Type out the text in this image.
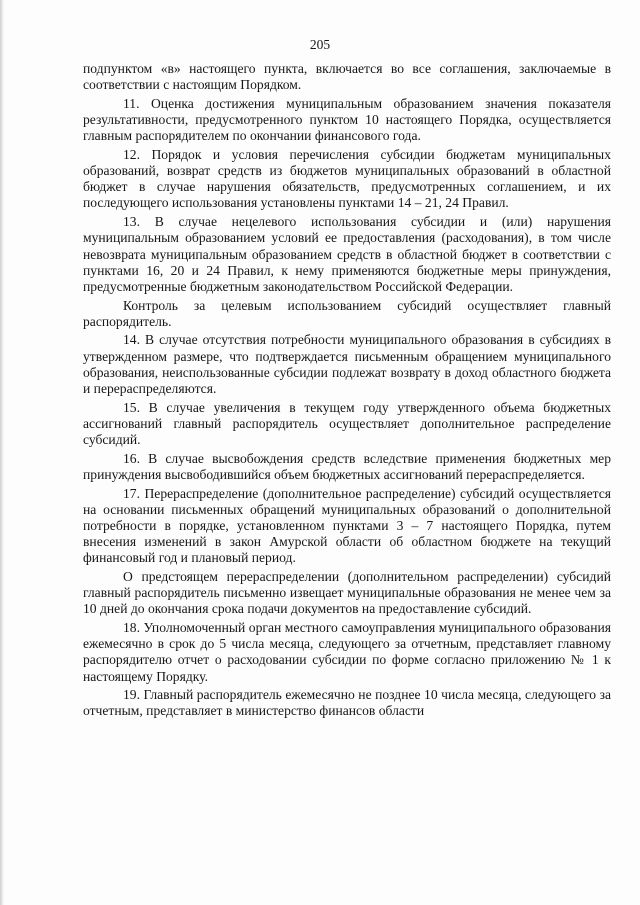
205

подпунктом «в» настоящего пункта, включается во все соглашения, заключаемые в соответствии с настоящим Порядком.

11. Оценка достижения муниципальным образованием значения показателя результативности, предусмотренного пунктом 10 настоящего Порядка, осуществляется главным распорядителем по окончании финансового года.

12. Порядок и условия перечисления субсидии бюджетам муниципальных образований, возврат средств из бюджетов муниципальных образований в областной бюджет в случае нарушения обязательств, предусмотренных соглашением, и их последующего использования установлены пунктами 14 – 21, 24 Правил.

13. В случае нецелевого использования субсидии и (или) нарушения муниципальным образованием условий ее предоставления (расходования), в том числе невозврата муниципальным образованием средств в областной бюджет в соответствии с пунктами 16, 20 и 24 Правил, к нему применяются бюджетные меры принуждения, предусмотренные бюджетным законодательством Российской Федерации.

Контроль за целевым использованием субсидий осуществляет главный распорядитель.

14. В случае отсутствия потребности муниципального образования в субсидиях в утвержденном размере, что подтверждается письменным обращением муниципального образования, неиспользованные субсидии подлежат возврату в доход областного бюджета и перераспределяются.

15. В случае увеличения в текущем году утвержденного объема бюджетных ассигнований главный распорядитель осуществляет дополнительное распределение субсидий.

16. В случае высвобождения средств вследствие применения бюджетных мер принуждения высвободившийся объем бюджетных ассигнований перераспределяется.

17. Перераспределение (дополнительное распределение) субсидий осуществляется на основании письменных обращений муниципальных образований о дополнительной потребности в порядке, установленном пунктами 3 – 7 настоящего Порядка, путем внесения изменений в закон Амурской области об областном бюджете на текущий финансовый год и плановый период.

О предстоящем перераспределении (дополнительном распределении) субсидий главный распорядитель письменно извещает муниципальные образования не менее чем за 10 дней до окончания срока подачи документов на предоставление субсидий.

18. Уполномоченный орган местного самоуправления муниципального образования ежемесячно в срок до 5 числа месяца, следующего за отчетным, представляет главному распорядителю отчет о расходовании субсидии по форме согласно приложению № 1 к настоящему Порядку.

19. Главный распорядитель ежемесячно не позднее 10 числа месяца, следующего за отчетным, представляет в министерство финансов области
